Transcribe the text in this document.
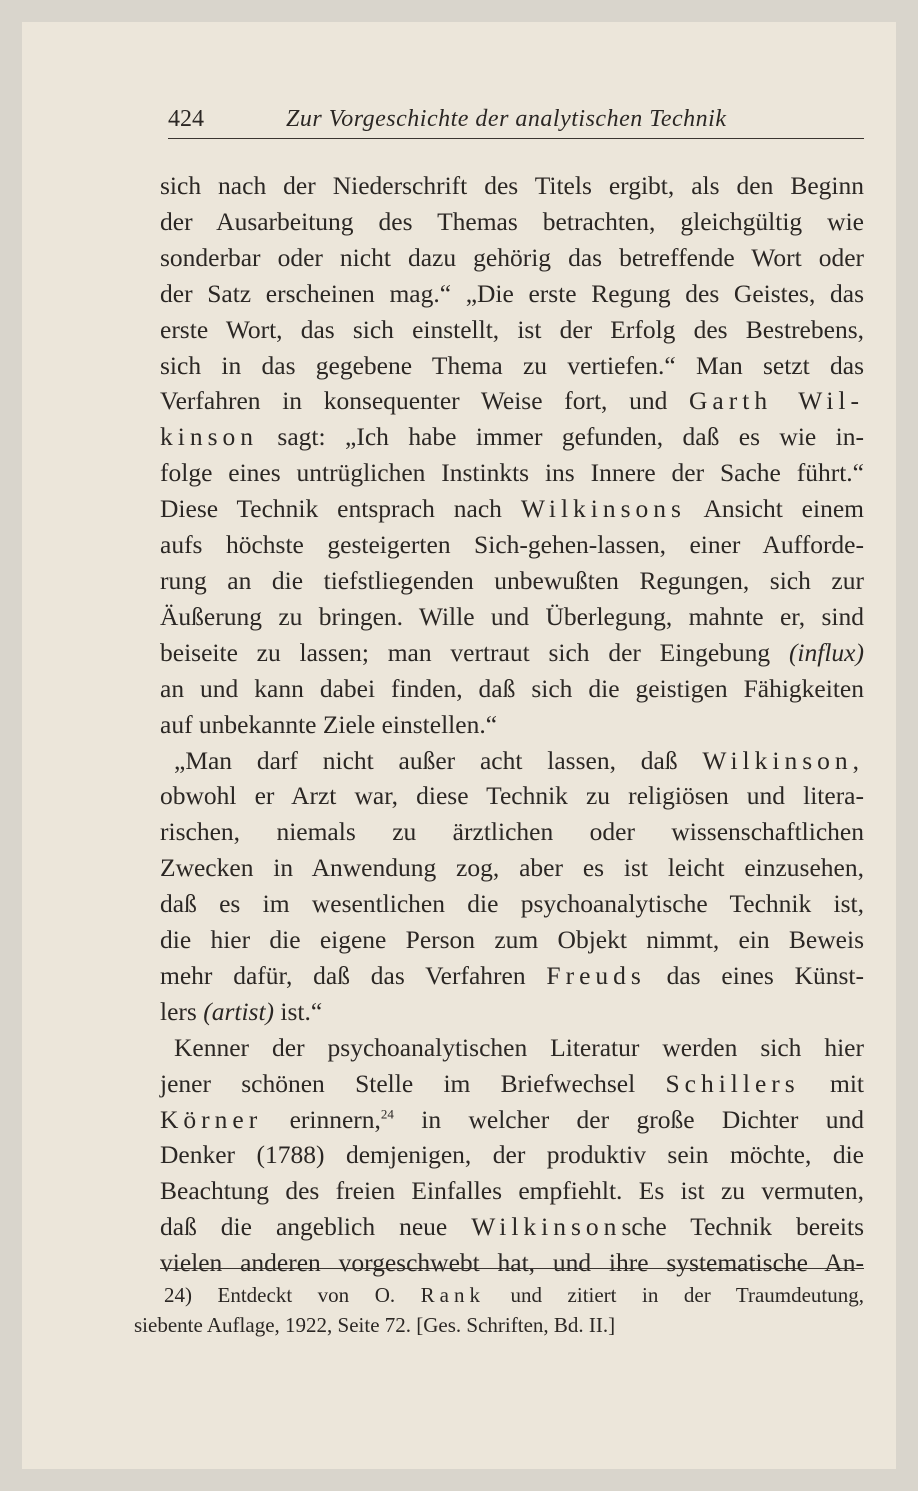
424	Zur Vorgeschichte der analytischen Technik
sich nach der Niederschrift des Titels ergibt, als den Beginn
der Ausarbeitung des Themas betrachten, gleichgültig wie
sonderbar oder nicht dazu gehörig das betreffende Wort oder
der Satz erscheinen mag.“ „Die erste Regung des Geistes, das
erste Wort, das sich einstellt, ist der Erfolg des Bestrebens,
sich in das gegebene Thema zu vertiefen.“ Man setzt das
Verfahren in konsequenter Weise fort, und Garth Wil-
kinson sagt: „Ich habe immer gefunden, daß es wie in-
folge eines untrüglichen Instinkts ins Innere der Sache führt.“
Diese Technik entsprach nach Wilkinsons Ansicht einem
aufs höchste gesteigerten Sich-gehen-lassen, einer Aufforde-
rung an die tiefstliegenden unbewußten Regungen, sich zur
Äußerung zu bringen. Wille und Überlegung, mahnte er, sind
beiseite zu lassen; man vertraut sich der Eingebung (influx)
an und kann dabei finden, daß sich die geistigen Fähigkeiten
auf unbekannte Ziele einstellen.“
„Man darf nicht außer acht lassen, daß Wilkinson,
obwohl er Arzt war, diese Technik zu religiösen und litera-
rischen, niemals zu ärztlichen oder wissenschaftlichen
Zwecken in Anwendung zog, aber es ist leicht einzusehen,
daß es im wesentlichen die psychoanalytische Technik ist,
die hier die eigene Person zum Objekt nimmt, ein Beweis
mehr dafür, daß das Verfahren Freuds das eines Künst-
lers (artist) ist.“
Kenner der psychoanalytischen Literatur werden sich hier
jener schönen Stelle im Briefwechsel Schillers mit
Körner erinnern,$^{24}$ in welcher der große Dichter und
Denker (1788) demjenigen, der produktiv sein möchte, die
Beachtung des freien Einfalles empfiehlt. Es ist zu vermuten,
daß die angeblich neue Wilkinsonsche Technik bereits
vielen anderen vorgeschwebt hat, und ihre systematische An-
24) Entdeckt von O. Rank und zitiert in der Traumdeutung,
siebente Auflage, 1922, Seite 72. [Ges. Schriften, Bd. II.]
